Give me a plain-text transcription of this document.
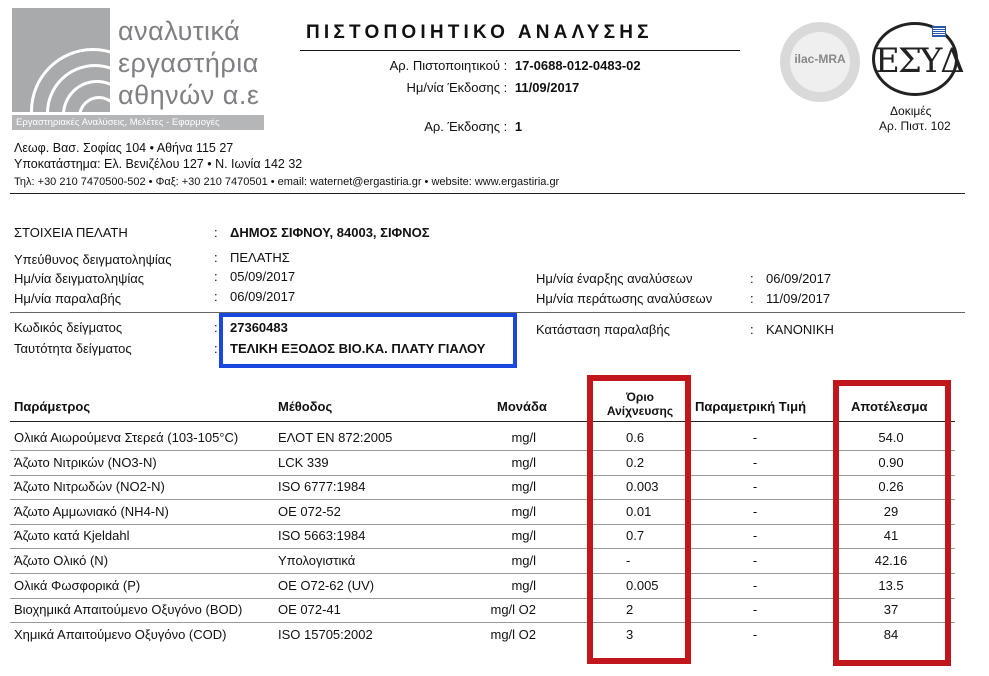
αναλυτικά
εργαστήρια
αθηνών α.ε
Εργαστηριακές Αναλύσεις, Μελέτες - Εφαρμογές
ΠΙΣΤΟΠΟΙΗΤΙΚΟ ΑΝΑΛΥΣΗΣ
Αρ. Πιστοποιητικού : 17-0688-012-0483-02
Ημ/νία Έκδοσης : 11/09/2017
Αρ. Έκδοσης : 1
ilac-MRA ΕΣΥΔ
Δοκιμές
Αρ. Πιστ. 102
Λεωφ. Βασ. Σοφίας 104 • Αθήνα 115 27
Υποκατάστημα: Ελ. Βενιζέλου 127 • Ν. Ιωνία 142 32
Τηλ: +30 210 7470500-502 • Φαξ: +30 210 7470501 • email: waternet@ergastiria.gr • website: www.ergastiria.gr
ΣΤΟΙΧΕΙΑ ΠΕΛΑΤΗ	: ΔΗΜΟΣ ΣΙΦΝΟΥ, 84003, ΣΙΦΝΟΣ
Υπεύθυνος δειγματοληψίας	: ΠΕΛΑΤΗΣ
Ημ/νία δειγματοληψίας	: 05/09/2017
Ημ/νία παραλαβής	: 06/09/2017
Ημ/νία έναρξης αναλύσεων	: 06/09/2017
Ημ/νία περάτωσης αναλύσεων	: 11/09/2017
Κωδικός δείγματος	: 27360483
Ταυτότητα δείγματος	: ΤΕΛΙΚΗ ΕΞΟΔΟΣ ΒΙΟ.ΚΑ. ΠΛΑΤΥ ΓΙΑΛΟΥ
Κατάσταση παραλαβής	: ΚΑΝΟΝΙΚΗ
Παράμετρος	Μέθοδος	Μονάδα
Όριο
Ανίχνευσης	Παραμετρική Τιμή	Αποτέλεσμα
Ολικά Αιωρούμενα Στερεά (103-105°C)	ΕΛΟΤ ΕΝ 872:2005	mg/l	0.6	-	54.0
Άζωτο Νιτρικών (NO3-N)	LCK 339	mg/l	0.2	-	0.90
Άζωτο Νιτρωδών (NO2-N)	ISO 6777:1984	mg/l	0.003	-	0.26
Άζωτο Αμμωνιακό (NH4-N)	ΟΕ 072-52	mg/l	0.01	-	29
Άζωτο κατά Kjeldahl	ISO 5663:1984	mg/l	0.7	-	41
Άζωτο Ολικό (N)	Υπολογιστικά	mg/l	-	-	42.16
Ολικά Φωσφορικά (P)	ΟΕ Ο72-62 (UV)	mg/l	0.005	-	13.5
Βιοχημικά Απαιτούμενο Οξυγόνο (BOD)	ΟΕ 072-41	mg/l O2	2	-	37
Χημικά Απαιτούμενο Οξυγόνο (COD)	ISO 15705:2002	mg/l O2	3	-	84
